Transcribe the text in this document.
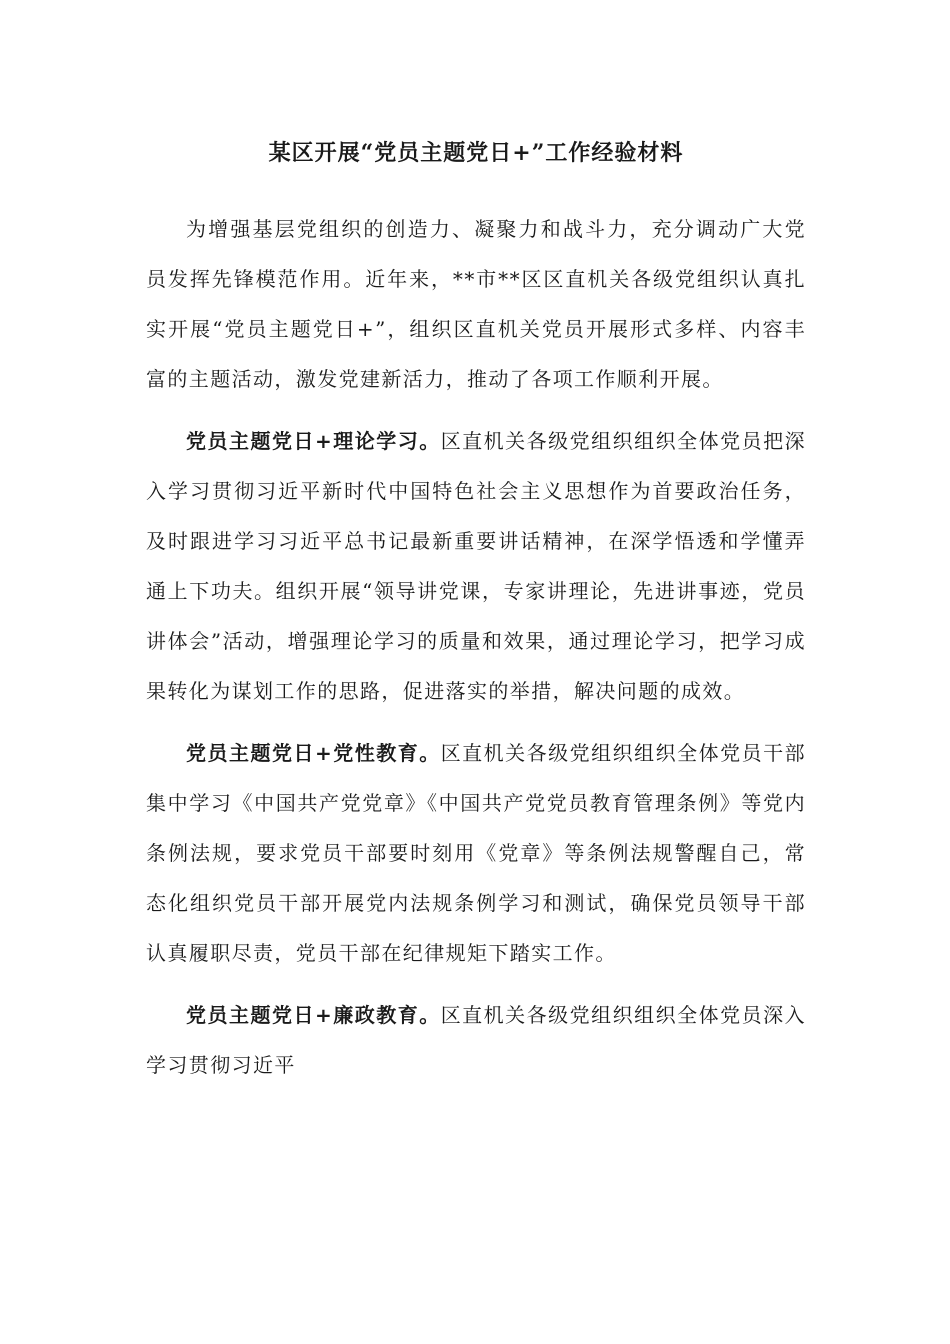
某区开展“党员主题党日+”工作经验材料

为增强基层党组织的创造力、凝聚力和战斗力，充分调动广大党员发挥先锋模范作用。近年来，**市**区区直机关各级党组织认真扎实开展“党员主题党日+”，组织区直机关党员开展形式多样、内容丰富的主题活动，激发党建新活力，推动了各项工作顺利开展。

党员主题党日+理论学习。区直机关各级党组织组织全体党员把深入学习贯彻习近平新时代中国特色社会主义思想作为首要政治任务，及时跟进学习习近平总书记最新重要讲话精神，在深学悟透和学懂弄通上下功夫。组织开展“领导讲党课，专家讲理论，先进讲事迹，党员讲体会”活动，增强理论学习的质量和效果，通过理论学习，把学习成果转化为谋划工作的思路，促进落实的举措，解决问题的成效。

党员主题党日+党性教育。区直机关各级党组织组织全体党员干部集中学习《中国共产党党章》《中国共产党党员教育管理条例》等党内条例法规，要求党员干部要时刻用《党章》等条例法规警醒自己，常态化组织党员干部开展党内法规条例学习和测试，确保党员领导干部认真履职尽责，党员干部在纪律规矩下踏实工作。

党员主题党日+廉政教育。区直机关各级党组织组织全体党员深入学习贯彻习近平
